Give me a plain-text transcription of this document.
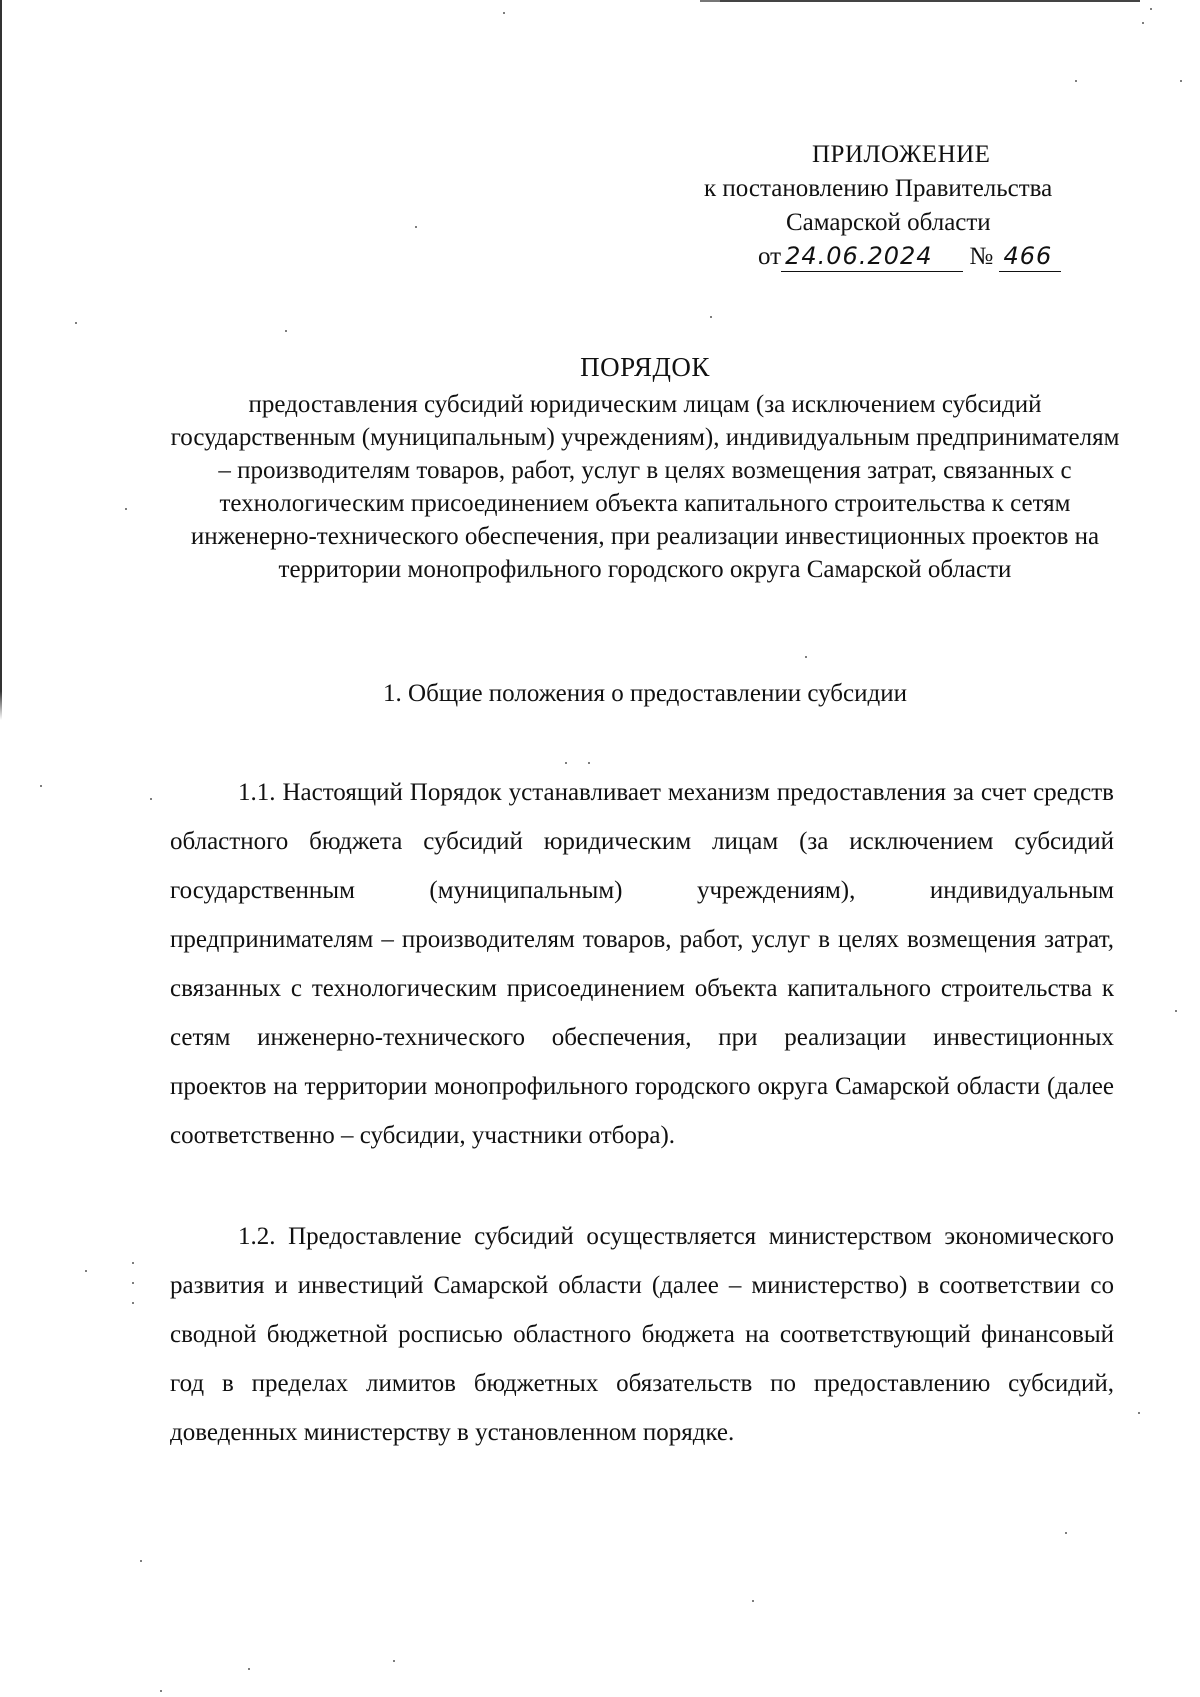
ПРИЛОЖЕНИЕ
к постановлению Правительства
Самарской области
от 24.06.2024 № 466
ПОРЯДОК
предоставления субсидий юридическим лицам (за исключением субсидий государственным (муниципальным) учреждениям), индивидуальным предпринимателям – производителям товаров, работ, услуг в целях возмещения затрат, связанных с технологическим присоединением объекта капитального строительства к сетям инженерно-технического обеспечения, при реализации инвестиционных проектов на территории монопрофильного городского округа Самарской области
1. Общие положения о предоставлении субсидии
1.1. Настоящий Порядок устанавливает механизм предоставления за счет средств областного бюджета субсидий юридическим лицам (за исключением субсидий государственным (муниципальным) учреждениям), индивидуальным предпринимателям – производителям товаров, работ, услуг в целях возмещения затрат, связанных с технологическим присоединением объекта капитального строительства к сетям инженерно-технического обеспечения, при реализации инвестиционных проектов на территории монопрофильного городского округа Самарской области (далее соответственно – субсидии, участники отбора).
1.2. Предоставление субсидий осуществляется министерством экономического развития и инвестиций Самарской области (далее – министерство) в соответствии со сводной бюджетной росписью областного бюджета на соответствующий финансовый год в пределах лимитов бюджетных обязательств по предоставлению субсидий, доведенных министерству в установленном порядке.
